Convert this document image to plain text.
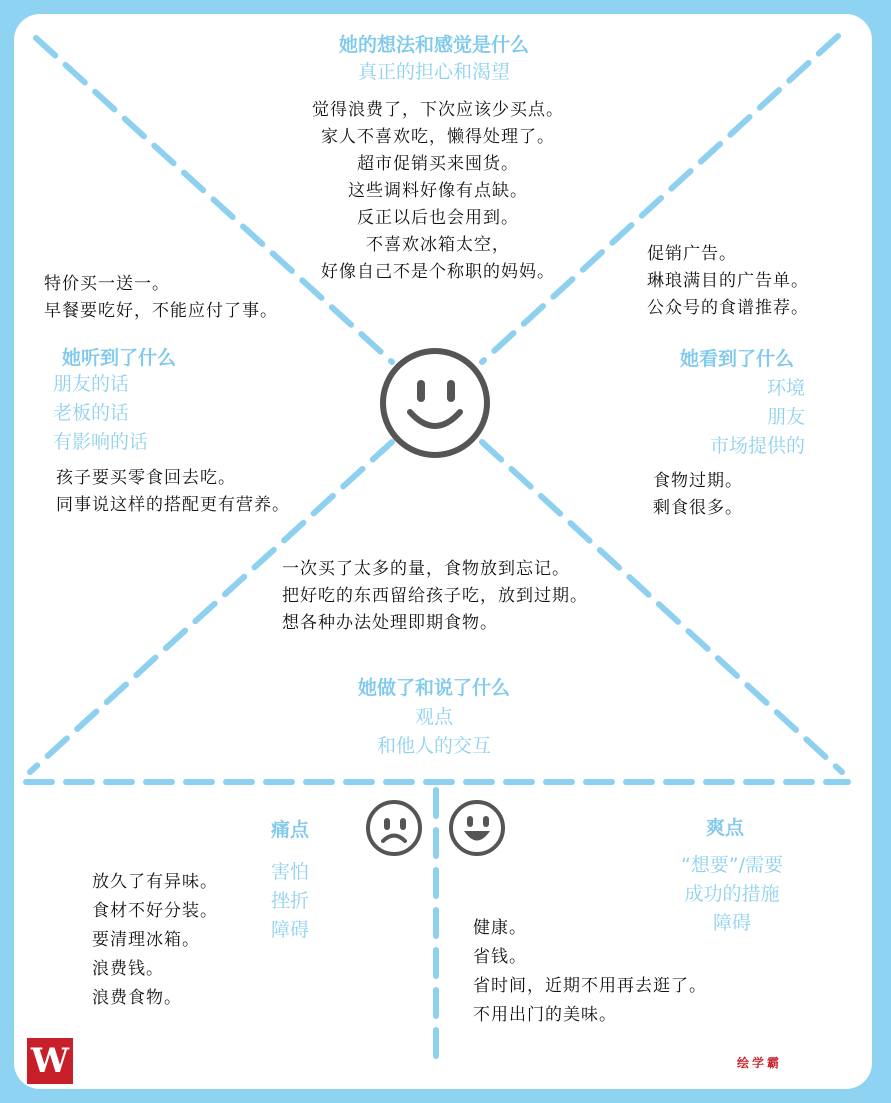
她的想法和感觉是什么
真正的担心和渴望
觉得浪费了，下次应该少买点。
家人不喜欢吃，懒得处理了。
超市促销买来囤货。
这些调料好像有点缺。
反正以后也会用到。
不喜欢冰箱太空，
好像自己不是个称职的妈妈。
特价买一送一。
早餐要吃好，不能应付了事。
她听到了什么
朋友的话
老板的话
有影响的话
孩子要买零食回去吃。
同事说这样的搭配更有营养。
促销广告。
琳琅满目的广告单。
公众号的食谱推荐。
她看到了什么
环境
朋友
市场提供的
食物过期。
剩食很多。
一次买了太多的量，食物放到忘记。
把好吃的东西留给孩子吃，放到过期。
想各种办法处理即期食物。
她做了和说了什么
观点
和他人的交互
痛点
害怕
挫折
障碍
放久了有异味。
食材不好分装。
要清理冰箱。
浪费钱。
浪费食物。
爽点
“想要”/需要
成功的措施
障碍
健康。
省钱。
省时间，近期不用再去逛了。
不用出门的美味。
W	绘学霸
